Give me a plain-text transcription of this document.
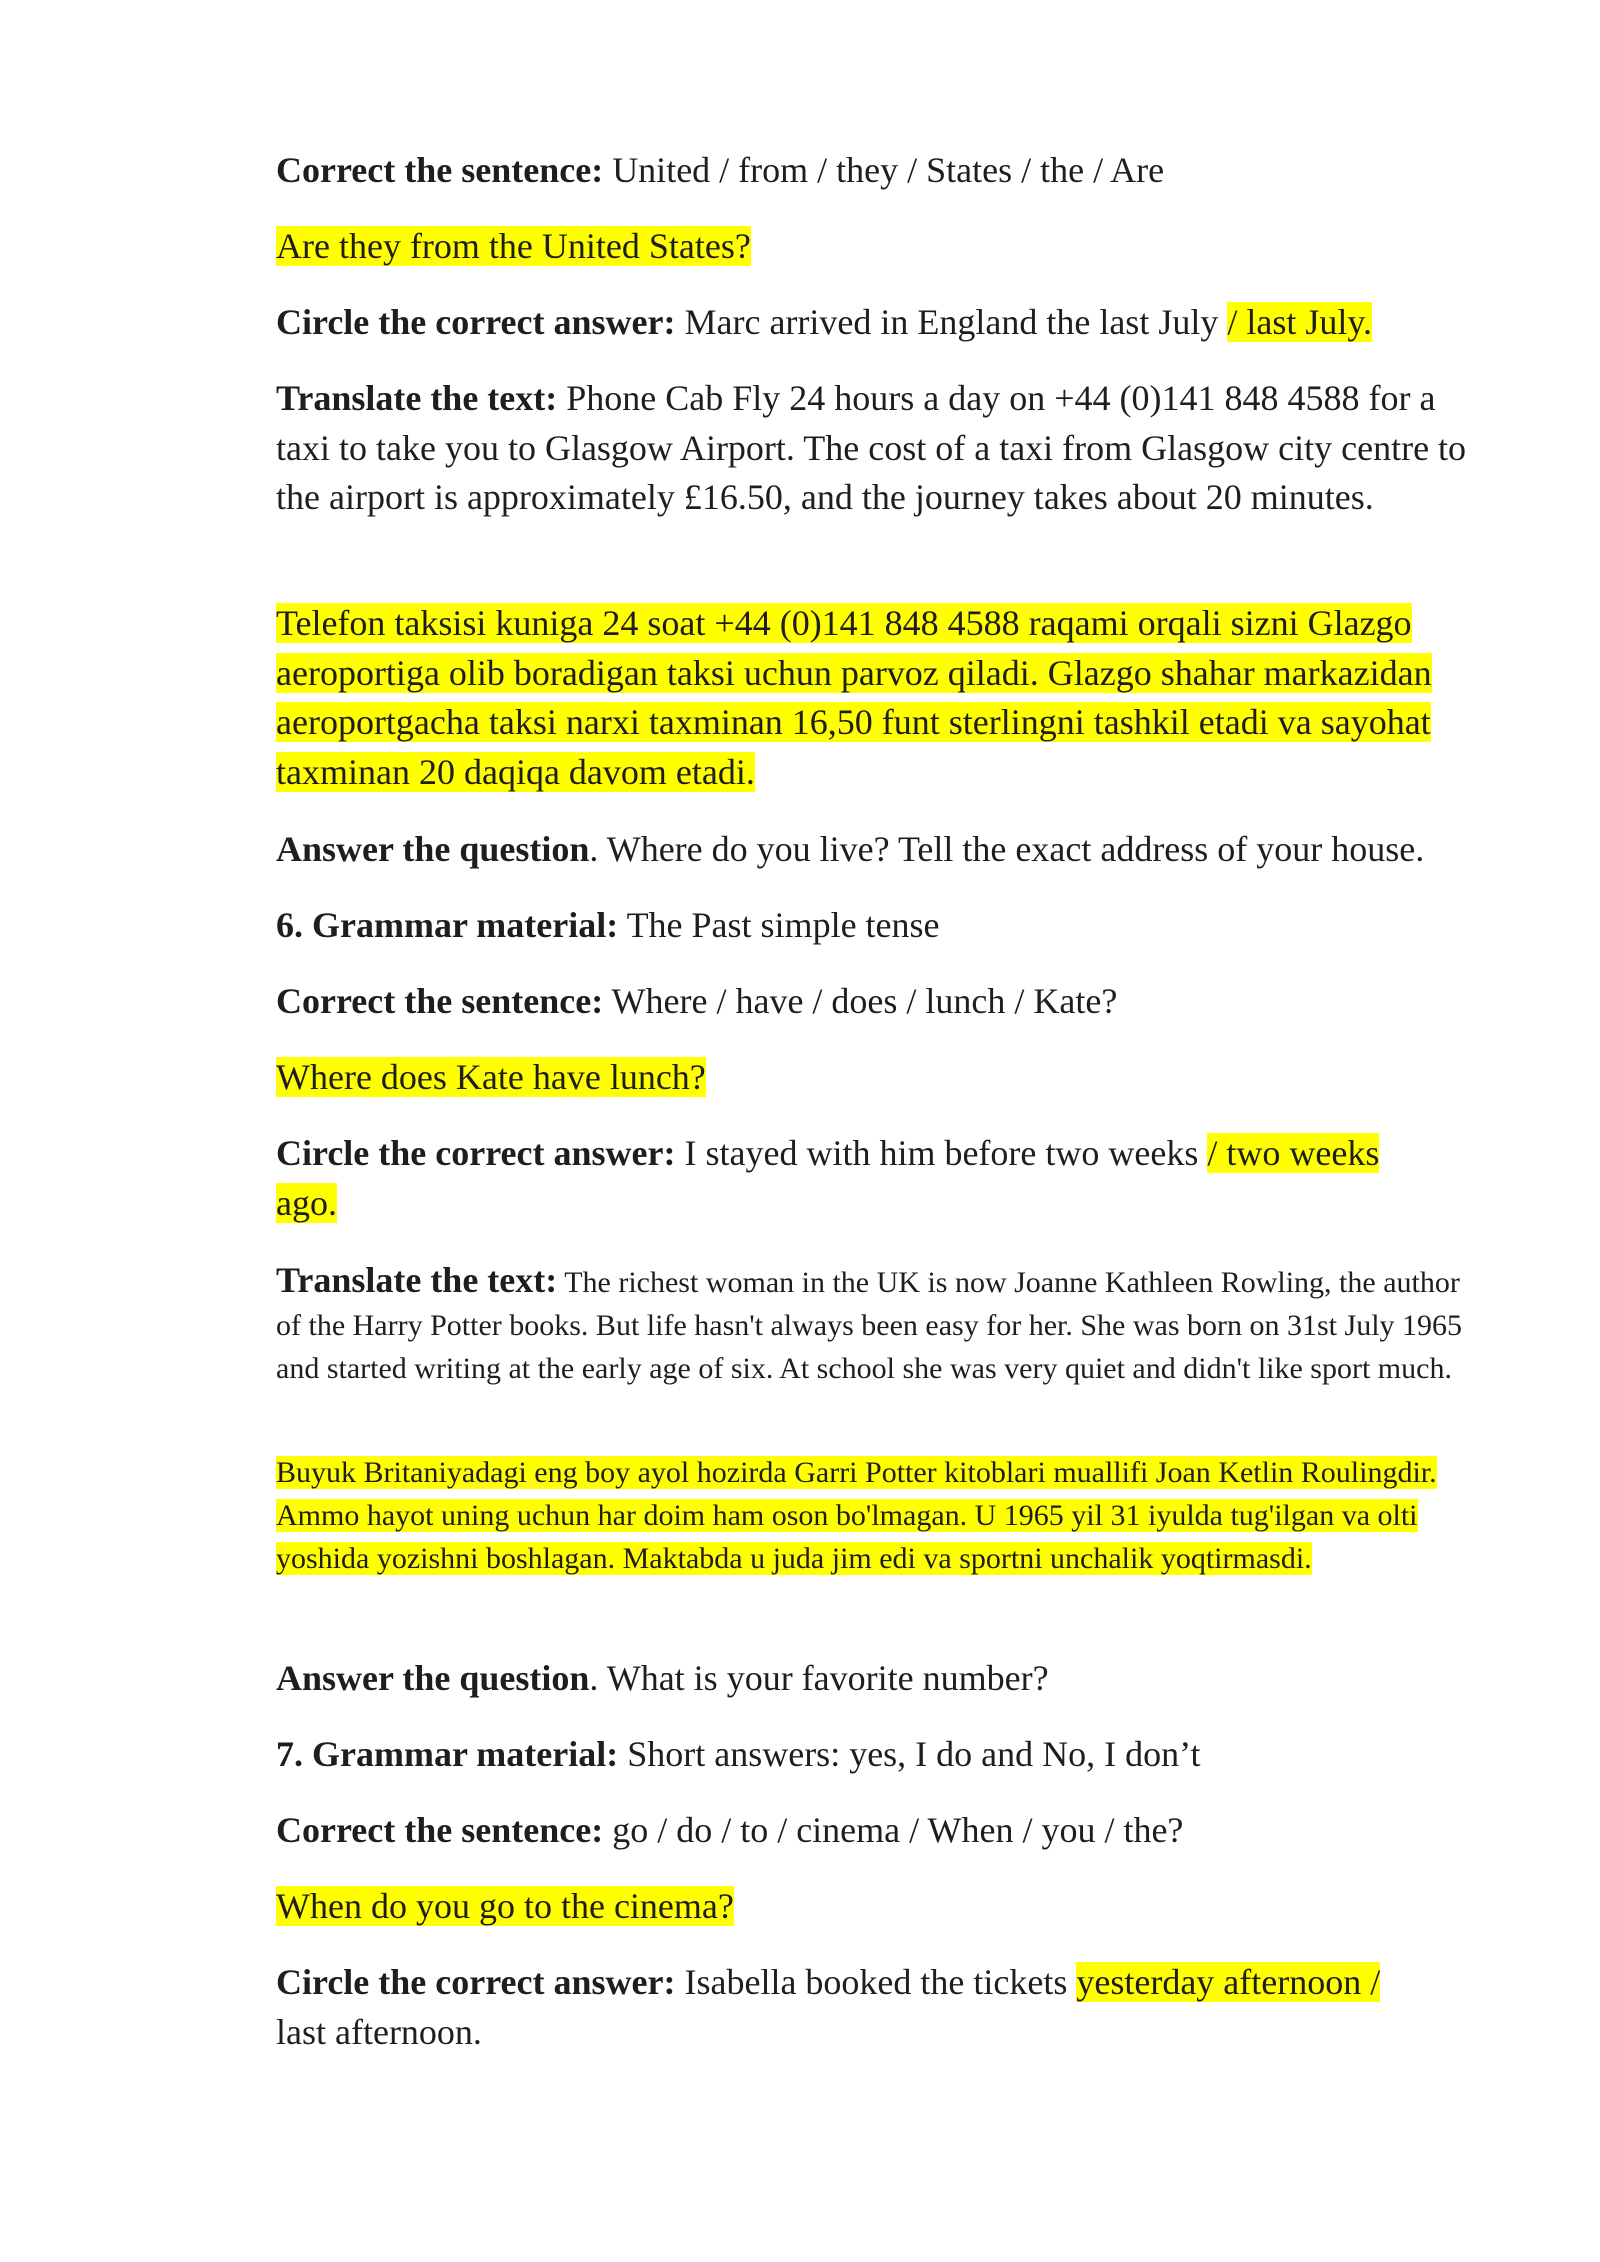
Correct the sentence: United / from / they / States / the / Are

Are they from the United States?

Circle the correct answer: Marc arrived in England the last July / last July.

Translate the text: Phone Cab Fly 24 hours a day on +44 (0)141 848 4588 for a taxi to take you to Glasgow Airport. The cost of a taxi from Glasgow city centre to the airport is approximately £16.50, and the journey takes about 20 minutes.

Telefon taksisi kuniga 24 soat +44 (0)141 848 4588 raqami orqali sizni Glazgo aeroportiga olib boradigan taksi uchun parvoz qiladi. Glazgo shahar markazidan aeroportgacha taksi narxi taxminan 16,50 funt sterlingni tashkil etadi va sayohat taxminan 20 daqiqa davom etadi.

Answer the question. Where do you live? Tell the exact address of your house.

6. Grammar material: The Past simple tense

Correct the sentence: Where / have / does / lunch / Kate?

Where does Kate have lunch?

Circle the correct answer: I stayed with him before two weeks / two weeks ago.

Translate the text: The richest woman in the UK is now Joanne Kathleen Rowling, the author of the Harry Potter books. But life hasn't always been easy for her. She was born on 31st July 1965 and started writing at the early age of six. At school she was very quiet and didn't like sport much.

Buyuk Britaniyadagi eng boy ayol hozirda Garri Potter kitoblari muallifi Joan Ketlin Roulingdir. Ammo hayot uning uchun har doim ham oson bo'lmagan. U 1965 yil 31 iyulda tug'ilgan va olti yoshida yozishni boshlagan. Maktabda u juda jim edi va sportni unchalik yoqtirmasdi.

Answer the question. What is your favorite number?

7. Grammar material: Short answers: yes, I do and No, I don’t

Correct the sentence: go / do / to / cinema / When / you / the?

When do you go to the cinema?

Circle the correct answer: Isabella booked the tickets yesterday afternoon / last afternoon.
